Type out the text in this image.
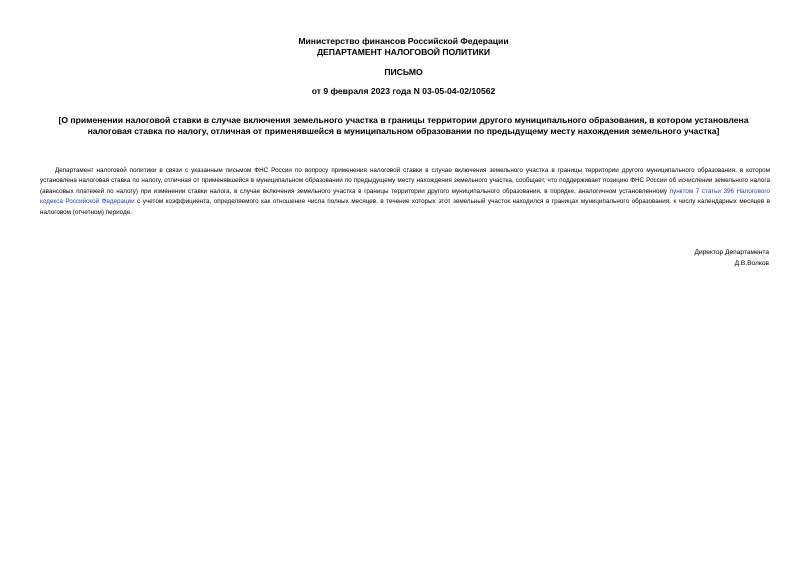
Министерство финансов Российской Федерации
ДЕПАРТАМЕНТ НАЛОГОВОЙ ПОЛИТИКИ
ПИСЬМО
от 9 февраля 2023 года N 03-05-04-02/10562
[О применении налоговой ставки в случае включения земельного участка в границы территории другого муниципального образования, в котором установлена налоговая ставка по налогу, отличная от применявшейся в муниципальном образовании по предыдущему месту нахождения земельного участка]
Департамент налоговой политики в связи с указанным письмом ФНС России по вопросу применения налоговой ставки в случае включения земельного участка в границы территории другого муниципального образования, в котором установлена налоговая ставка по налогу, отличная от применявшейся в муниципальном образовании по предыдущему месту нахождения земельного участка, сообщает, что поддерживает позицию ФНС России об исчислении земельного налога (авансовых платежей по налогу) при изменении ставки налога, в случае включения земельного участка в границы территории другого муниципального образования, в порядке, аналогичном установленному пунктом 7 статьи 396 Налогового кодекса Российской Федерации с учетом коэффициента, определяемого как отношение числа полных месяцев, в течение которых этот земельный участок находился в границах муниципального образования, к числу календарных месяцев в налоговом (отчетном) периоде.
Директор Департамента
Д.В.Волков
